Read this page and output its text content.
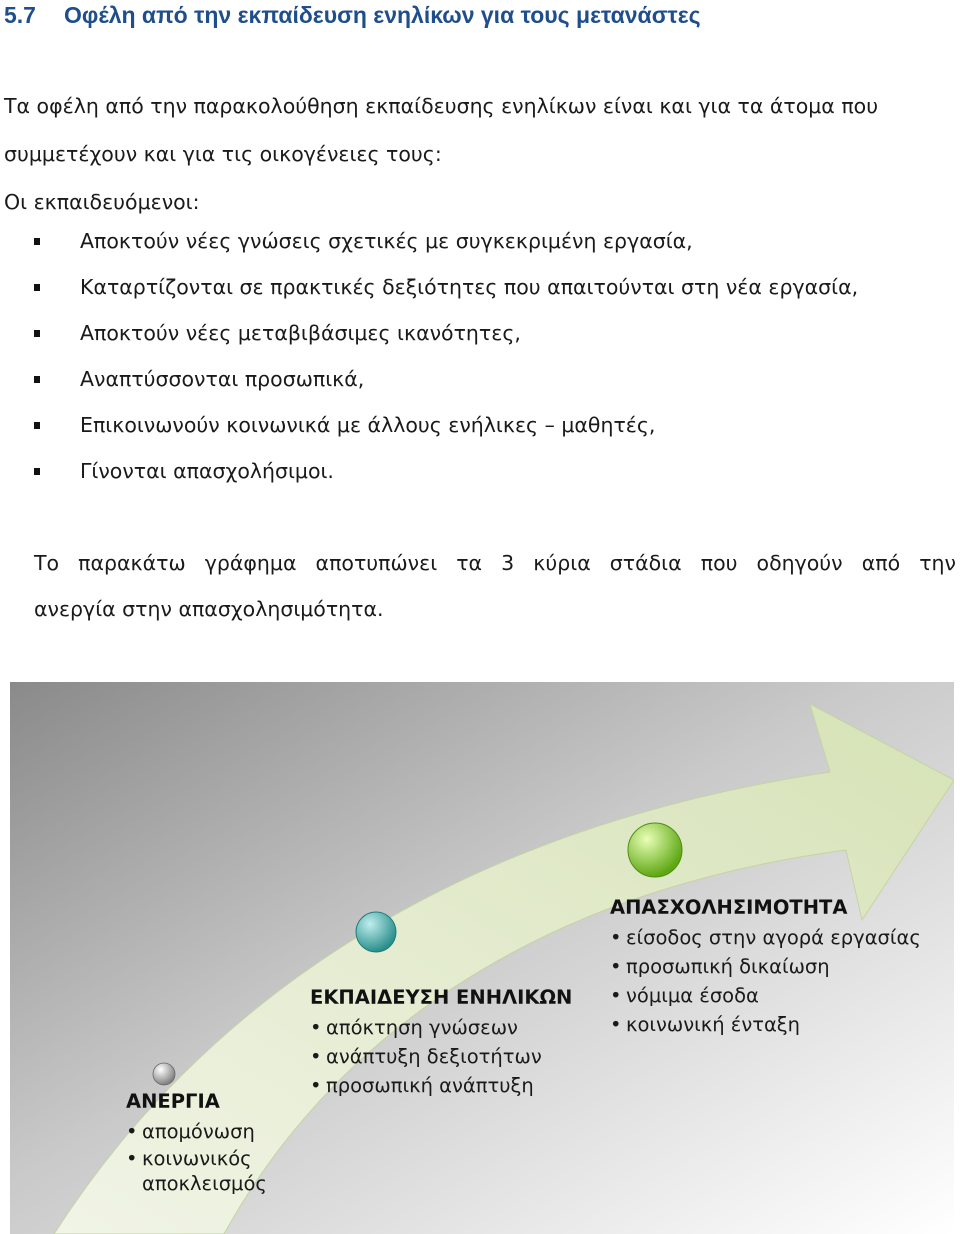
5.7 Οφέλη από την εκπαίδευση ενηλίκων για τους μετανάστες

Τα οφέλη από την παρακολούθηση εκπαίδευσης ενηλίκων είναι και για τα άτομα που
συμμετέχουν και για τις οικογένειες τους:
Οι εκπαιδευόμενοι:

Αποκτούν νέες γνώσεις σχετικές με συγκεκριμένη εργασία,
Καταρτίζονται σε πρακτικές δεξιότητες που απαιτούνται στη νέα εργασία,
Αποκτούν νέες μεταβιβάσιμες ικανότητες,
Αναπτύσσονται προσωπικά,
Επικοινωνούν κοινωνικά με άλλους ενήλικες – μαθητές,
Γίνονται απασχολήσιμοι.

Το παρακάτω γράφημα αποτυπώνει τα 3 κύρια στάδια που οδηγούν από την

ανεργία στην απασχολησιμότητα.

ΑΝΕΡΓΙΑ
• απομόνωση
• κοινωνικός αποκλεισμός
ΕΚΠΑΙΔΕΥΣΗ ΕΝΗΛΙΚΩΝ
• απόκτηση γνώσεων
• ανάπτυξη δεξιοτήτων
• προσωπική ανάπτυξη
ΑΠΑΣΧΟΛΗΣΙΜΟΤΗΤΑ
• είσοδος στην αγορά εργασίας
• προσωπική δικαίωση
• νόμιμα έσοδα
• κοινωνική ένταξη
